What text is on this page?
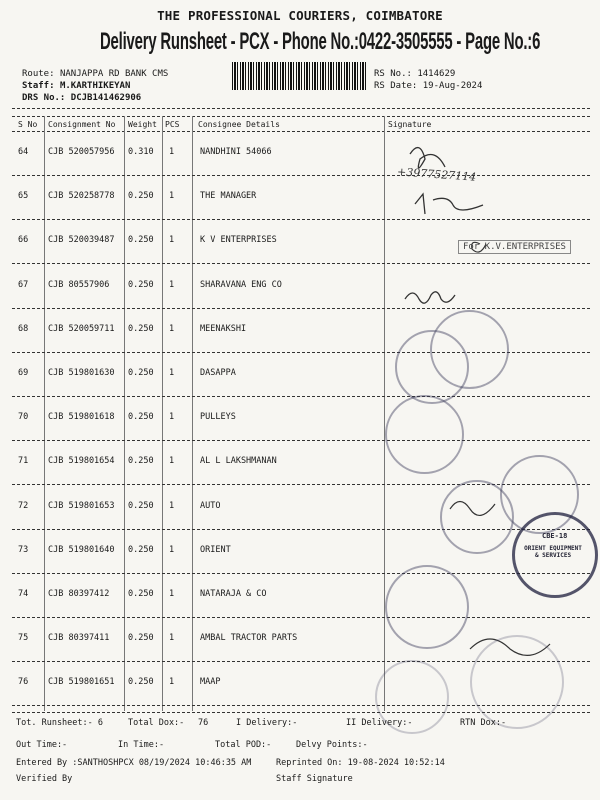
THE PROFESSIONAL COURIERS, COIMBATORE
Delivery Runsheet - PCX - Phone No.:0422-3505555 - Page No.:6
Route: NANJAPPA RD BANK CMS
Staff: M.KARTHIKEYAN
DRS No.: DCJB141462906
RS No.: 1414629
RS Date: 19-Aug-2024
S No Consignment No Weight PCS Consignee Details	Signature
64 CJB 520057956 0.310 1	NANDHINI 54066
65 CJB 520258778 0.250 1	THE MANAGER
66 CJB 520039487 0.250 1	K V ENTERPRISES
67 CJB 80557906 0.250 1	SHARAVANA ENG CO
68 CJB 520059711 0.250 1	MEENAKSHI
69 CJB 519801630 0.250 1	DASAPPA
70 CJB 519801618 0.250 1	PULLEYS
71 CJB 519801654 0.250 1	AL L LAKSHMANAN
72 CJB 519801653 0.250 1	AUTO
73 CJB 519801640 0.250 1	ORIENT
74 CJB 80397412 0.250 1	NATARAJA & CO
75 CJB 80397411 0.250 1	AMBAL TRACTOR PARTS
76 CJB 519801651 0.250 1	MAAP
+3977527114
For K.V.ENTERPRISES
ORIENT EQUIPMENT & SERVICES
CBE-18
Tot. Runsheet:- 6	Total Dox:- 76	I Delivery:-	II Delivery:-	RTN Dox:-
Out Time:-	In Time:-	Total POD:-	Delvy Points:-
Entered By :SANTHOSHPCX 08/19/2024 10:46:35 AM	Reprinted On: 19-08-2024 10:52:14
Verified By	Staff Signature
